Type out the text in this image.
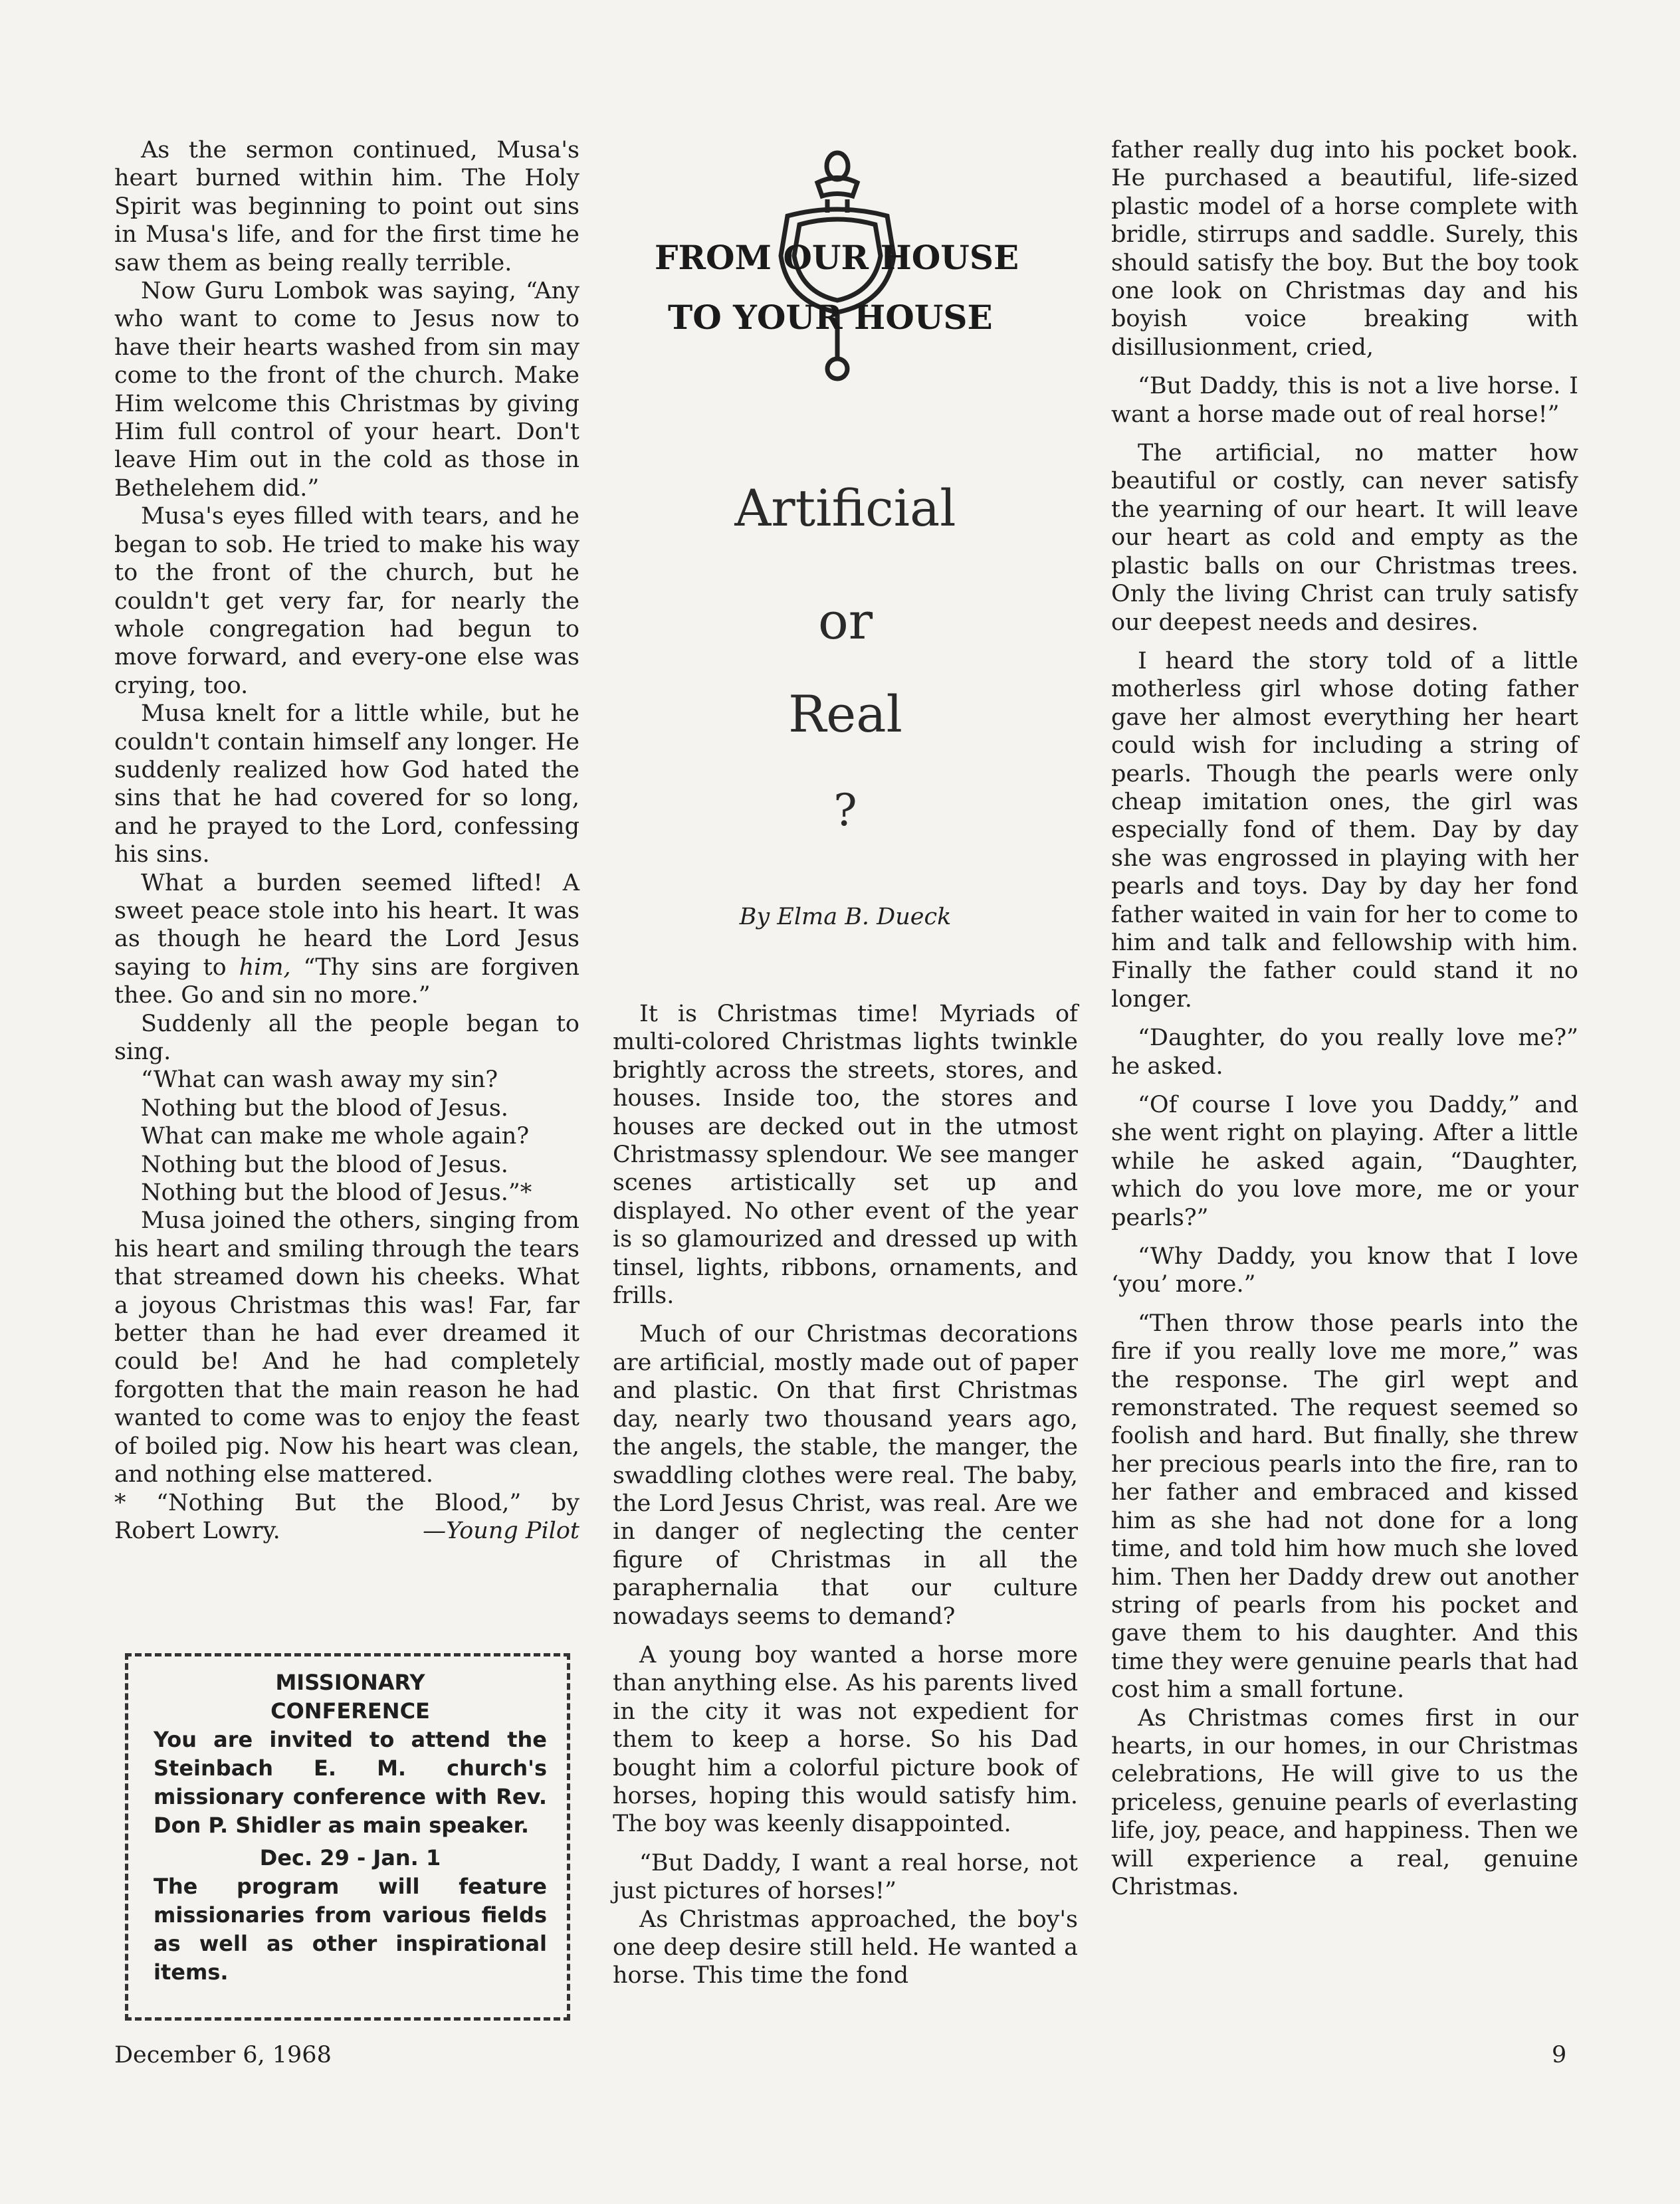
As the sermon continued, Musa's heart burned within him. The Holy Spirit was beginning to point out sins in Musa's life, and for the first time he saw them as being really terrible.

Now Guru Lombok was saying, “Any who want to come to Jesus now to have their hearts washed from sin may come to the front of the church. Make Him welcome this Christmas by giving Him full control of your heart. Don't leave Him out in the cold as those in Bethelehem did.”

Musa's eyes filled with tears, and he began to sob. He tried to make his way to the front of the church, but he couldn't get very far, for nearly the whole congregation had begun to move forward, and every-one else was crying, too.

Musa knelt for a little while, but he couldn't contain himself any longer. He suddenly realized how God hated the sins that he had covered for so long, and he prayed to the Lord, confessing his sins.

What a burden seemed lifted! A sweet peace stole into his heart. It was as though he heard the Lord Jesus saying to him, “Thy sins are forgiven thee. Go and sin no more.”

Suddenly all the people began to sing.

“What can wash away my sin?
Nothing but the blood of Jesus.
What can make me whole again?
Nothing but the blood of Jesus.
Nothing but the blood of Jesus.”*

Musa joined the others, singing from his heart and smiling through the tears that streamed down his cheeks. What a joyous Christmas this was! Far, far better than he had ever dreamed it could be! And he had completely forgotten that the main reason he had wanted to come was to enjoy the feast of boiled pig. Now his heart was clean, and nothing else mattered.

* “Nothing But the Blood,” by
Robert Lowry.	—Young Pilot
MISSIONARY
CONFERENCE
You are invited to attend the Steinbach E. M. church's missionary conference with Rev. Don P. Shidler as main speaker.
Dec. 29 - Jan. 1
The program will feature missionaries from various fields as well as other inspirational items.
FROM OUR HOUSE
TO YOUR HOUSE
Artificial
or
Real
?
By Elma B. Dueck

It is Christmas time! Myriads of multi-colored Christmas lights twinkle brightly across the streets, stores, and houses. Inside too, the stores and houses are decked out in the utmost Christmassy splendour. We see manger scenes artistically set up and displayed. No other event of the year is so glamourized and dressed up with tinsel, lights, ribbons, ornaments, and frills.

Much of our Christmas decorations are artificial, mostly made out of paper and plastic. On that first Christmas day, nearly two thousand years ago, the angels, the stable, the manger, the swaddling clothes were real. The baby, the Lord Jesus Christ, was real. Are we in danger of neglecting the center figure of Christmas in all the paraphernalia that our culture nowadays seems to demand?

A young boy wanted a horse more than anything else. As his parents lived in the city it was not expedient for them to keep a horse. So his Dad bought him a colorful picture book of horses, hoping this would satisfy him. The boy was keenly disappointed.

“But Daddy, I want a real horse, not just pictures of horses!”

As Christmas approached, the boy's one deep desire still held. He wanted a horse. This time the fond

father really dug into his pocket book. He purchased a beautiful, life-sized plastic model of a horse complete with bridle, stirrups and saddle. Surely, this should satisfy the boy. But the boy took one look on Christmas day and his boyish voice breaking with disillusionment, cried,

“But Daddy, this is not a live horse. I want a horse made out of real horse!”

The artificial, no matter how beautiful or costly, can never satisfy the yearning of our heart. It will leave our heart as cold and empty as the plastic balls on our Christmas trees. Only the living Christ can truly satisfy our deepest needs and desires.

I heard the story told of a little motherless girl whose doting father gave her almost everything her heart could wish for including a string of pearls. Though the pearls were only cheap imitation ones, the girl was especially fond of them. Day by day she was engrossed in playing with her pearls and toys. Day by day her fond father waited in vain for her to come to him and talk and fellowship with him. Finally the father could stand it no longer.

“Daughter, do you really love me?” he asked.

“Of course I love you Daddy,” and she went right on playing. After a little while he asked again, “Daughter, which do you love more, me or your pearls?”

“Why Daddy, you know that I love ‘you’ more.”

“Then throw those pearls into the fire if you really love me more,” was the response. The girl wept and remonstrated. The request seemed so foolish and hard. But finally, she threw her precious pearls into the fire, ran to her father and embraced and kissed him as she had not done for a long time, and told him how much she loved him. Then her Daddy drew out another string of pearls from his pocket and gave them to his daughter. And this time they were genuine pearls that had cost him a small fortune.

As Christmas comes first in our hearts, in our homes, in our Christmas celebrations, He will give to us the priceless, genuine pearls of everlasting life, joy, peace, and happiness. Then we will experience a real, genuine Christmas.

December 6, 1968	9
